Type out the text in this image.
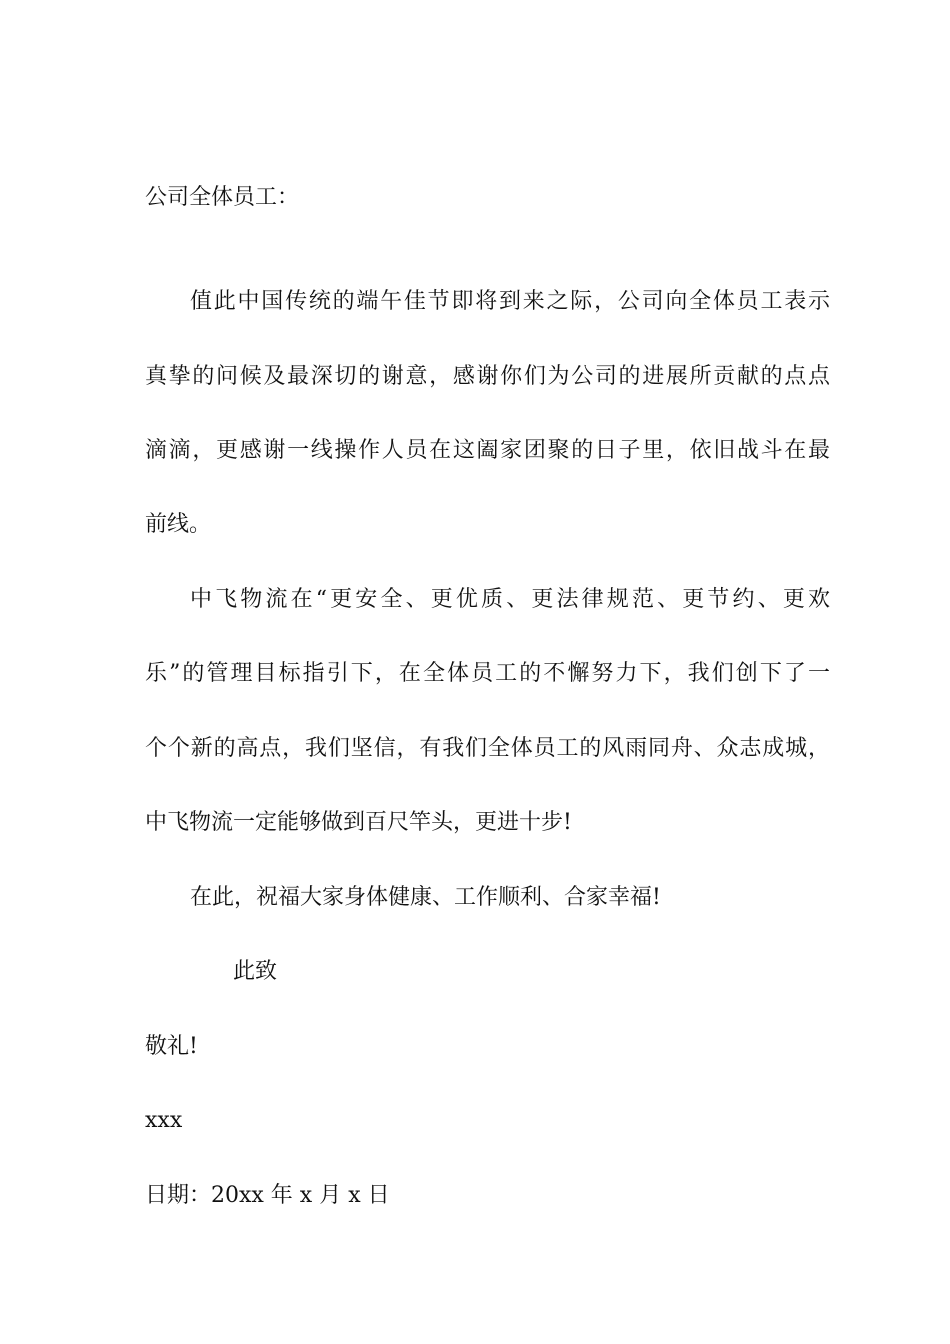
公司全体员工：
值此中国传统的端午佳节即将到来之际，公司向全体员工表示
真挚的问候及最深切的谢意，感谢你们为公司的进展所贡献的点点
滴滴，更感谢一线操作人员在这阖家团聚的日子里，依旧战斗在最
前线。
中飞物流在“更安全、更优质、更法律规范、更节约、更欢
乐”的管理目标指引下，在全体员工的不懈努力下，我们创下了一
个个新的高点，我们坚信，有我们全体员工的风雨同舟、众志成城，
中飞物流一定能够做到百尺竿头，更进十步!
在此，祝福大家身体健康、工作顺利、合家幸福!
此致
敬礼!
xxx
日期：20xx 年 x 月 x 日
